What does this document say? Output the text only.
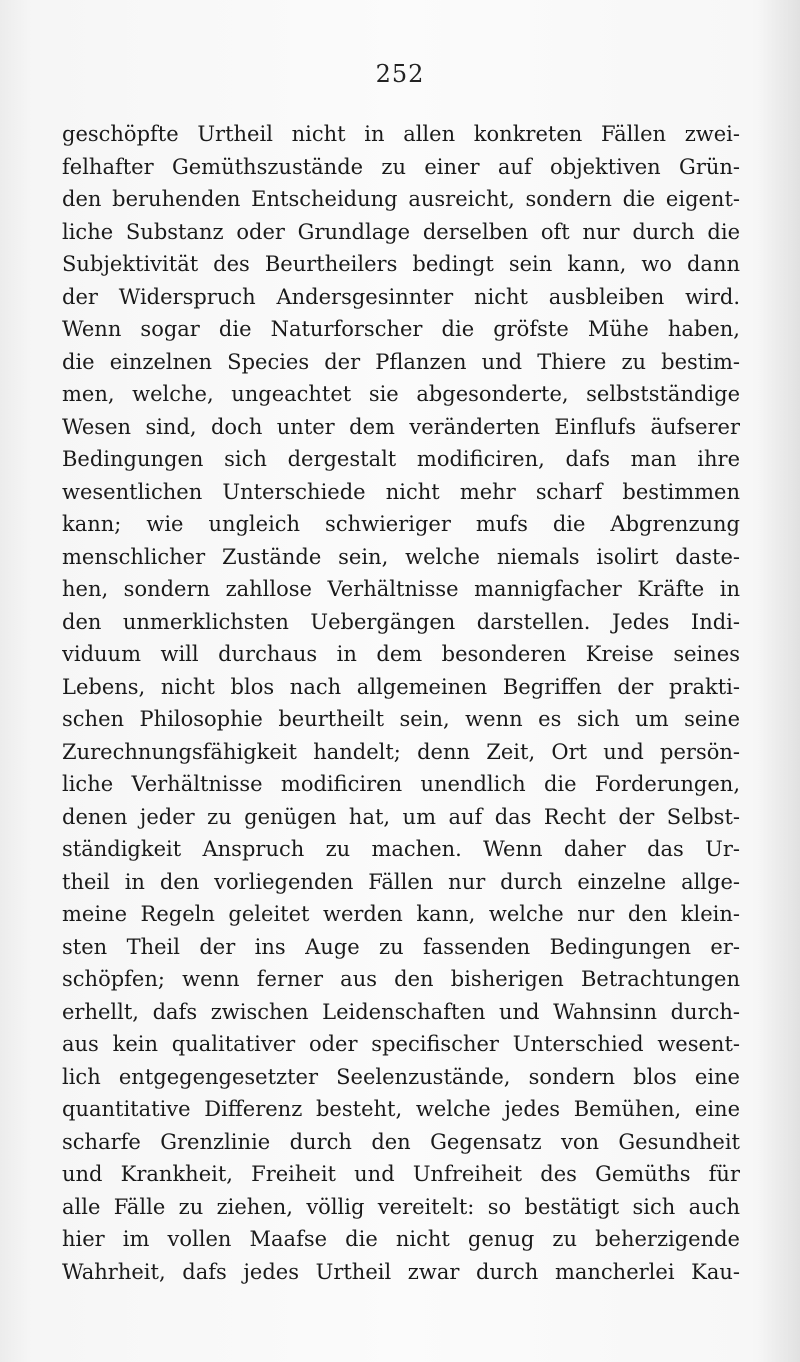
252
geschöpfte Urtheil nicht in allen konkreten Fällen zwei-
felhafter Gemüthszustände zu einer auf objektiven Grün-
den beruhenden Entscheidung ausreicht, sondern die eigent-
liche Substanz oder Grundlage derselben oft nur durch die
Subjektivität des Beurtheilers bedingt sein kann, wo dann
der Widerspruch Andersgesinnter nicht ausbleiben wird.
Wenn sogar die Naturforscher die gröfste Mühe haben,
die einzelnen Species der Pflanzen und Thiere zu bestim-
men, welche, ungeachtet sie abgesonderte, selbstständige
Wesen sind, doch unter dem veränderten Einflufs äufserer
Bedingungen sich dergestalt modificiren, dafs man ihre
wesentlichen Unterschiede nicht mehr scharf bestimmen
kann; wie ungleich schwieriger mufs die Abgrenzung
menschlicher Zustände sein, welche niemals isolirt daste-
hen, sondern zahllose Verhältnisse mannigfacher Kräfte in
den unmerklichsten Uebergängen darstellen. Jedes Indi-
viduum will durchaus in dem besonderen Kreise seines
Lebens, nicht blos nach allgemeinen Begriffen der prakti-
schen Philosophie beurtheilt sein, wenn es sich um seine
Zurechnungsfähigkeit handelt; denn Zeit, Ort und persön-
liche Verhältnisse modificiren unendlich die Forderungen,
denen jeder zu genügen hat, um auf das Recht der Selbst-
ständigkeit Anspruch zu machen. Wenn daher das Ur-
theil in den vorliegenden Fällen nur durch einzelne allge-
meine Regeln geleitet werden kann, welche nur den klein-
sten Theil der ins Auge zu fassenden Bedingungen er-
schöpfen; wenn ferner aus den bisherigen Betrachtungen
erhellt, dafs zwischen Leidenschaften und Wahnsinn durch-
aus kein qualitativer oder specifischer Unterschied wesent-
lich entgegengesetzter Seelenzustände, sondern blos eine
quantitative Differenz besteht, welche jedes Bemühen, eine
scharfe Grenzlinie durch den Gegensatz von Gesundheit
und Krankheit, Freiheit und Unfreiheit des Gemüths für
alle Fälle zu ziehen, völlig vereitelt: so bestätigt sich auch
hier im vollen Maafse die nicht genug zu beherzigende
Wahrheit, dafs jedes Urtheil zwar durch mancherlei Kau-
